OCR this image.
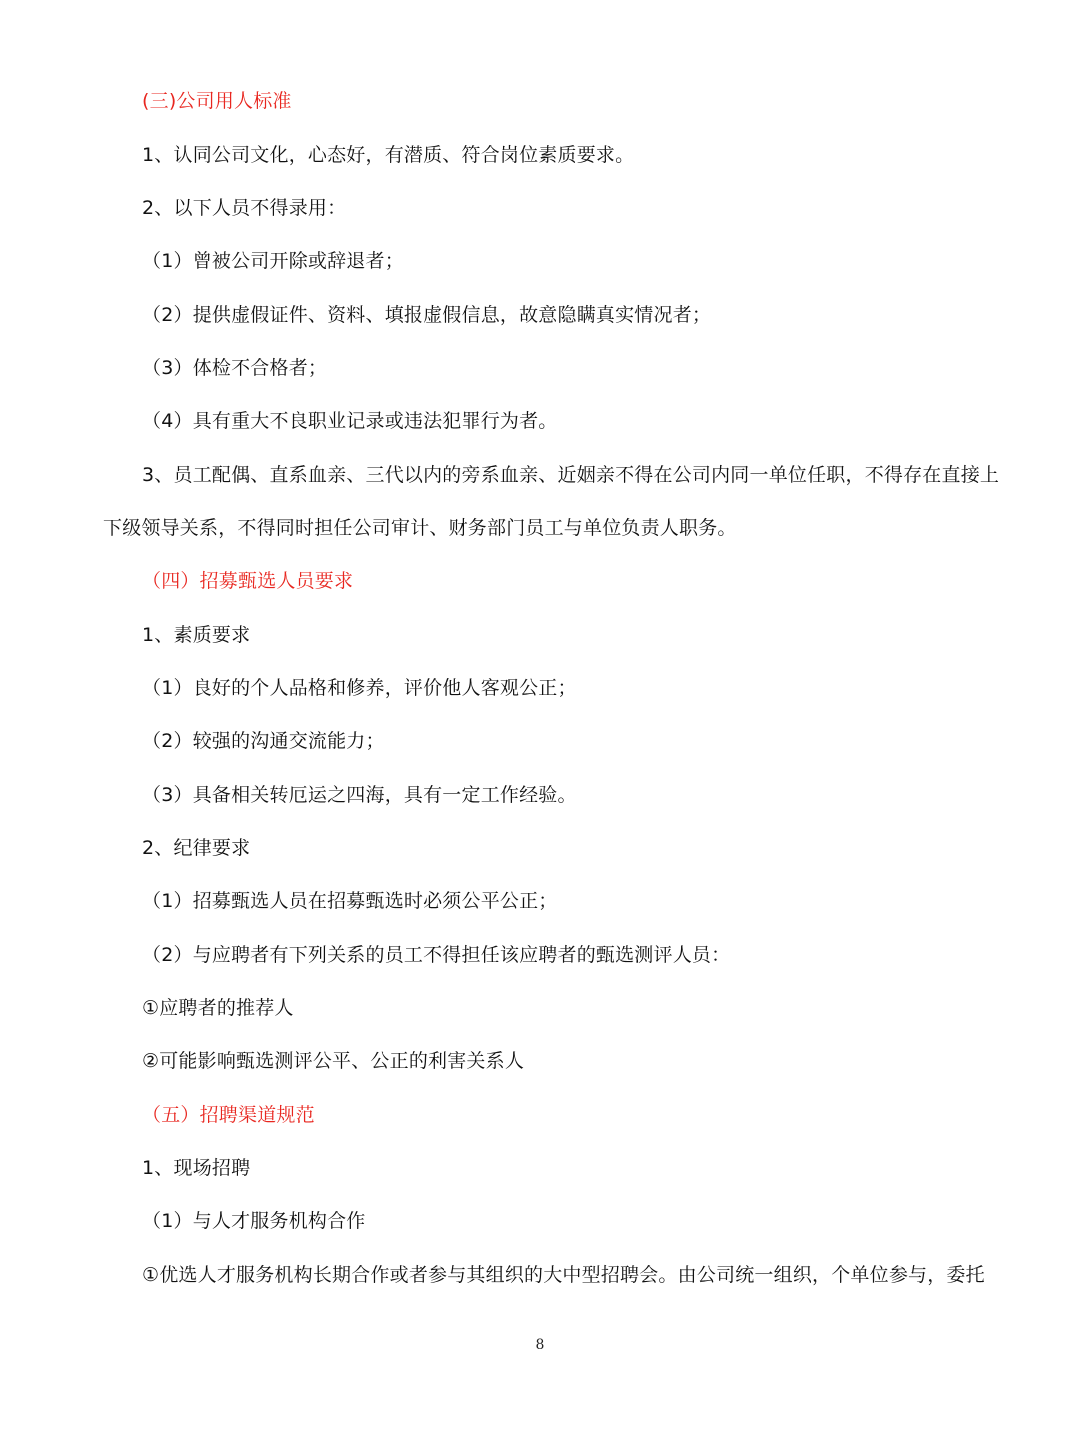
(三)公司用人标准
1、认同公司文化，心态好，有潜质、符合岗位素质要求。
2、以下人员不得录用：
（1）曾被公司开除或辞退者；
（2）提供虚假证件、资料、填报虚假信息，故意隐瞒真实情况者；
（3）体检不合格者；
（4）具有重大不良职业记录或违法犯罪行为者。
3、员工配偶、直系血亲、三代以内的旁系血亲、近姻亲不得在公司内同一单位任职，不得存在直接上
下级领导关系，不得同时担任公司审计、财务部门员工与单位负责人职务。
（四）招募甄选人员要求
1、素质要求
（1）良好的个人品格和修养，评价他人客观公正；
（2）较强的沟通交流能力；
（3）具备相关转厄运之四海，具有一定工作经验。
2、纪律要求
（1）招募甄选人员在招募甄选时必须公平公正；
（2）与应聘者有下列关系的员工不得担任该应聘者的甄选测评人员：
①应聘者的推荐人
②可能影响甄选测评公平、公正的利害关系人
（五）招聘渠道规范
1、现场招聘
（1）与人才服务机构合作
①优选人才服务机构长期合作或者参与其组织的大中型招聘会。由公司统一组织，个单位参与，委托
8
